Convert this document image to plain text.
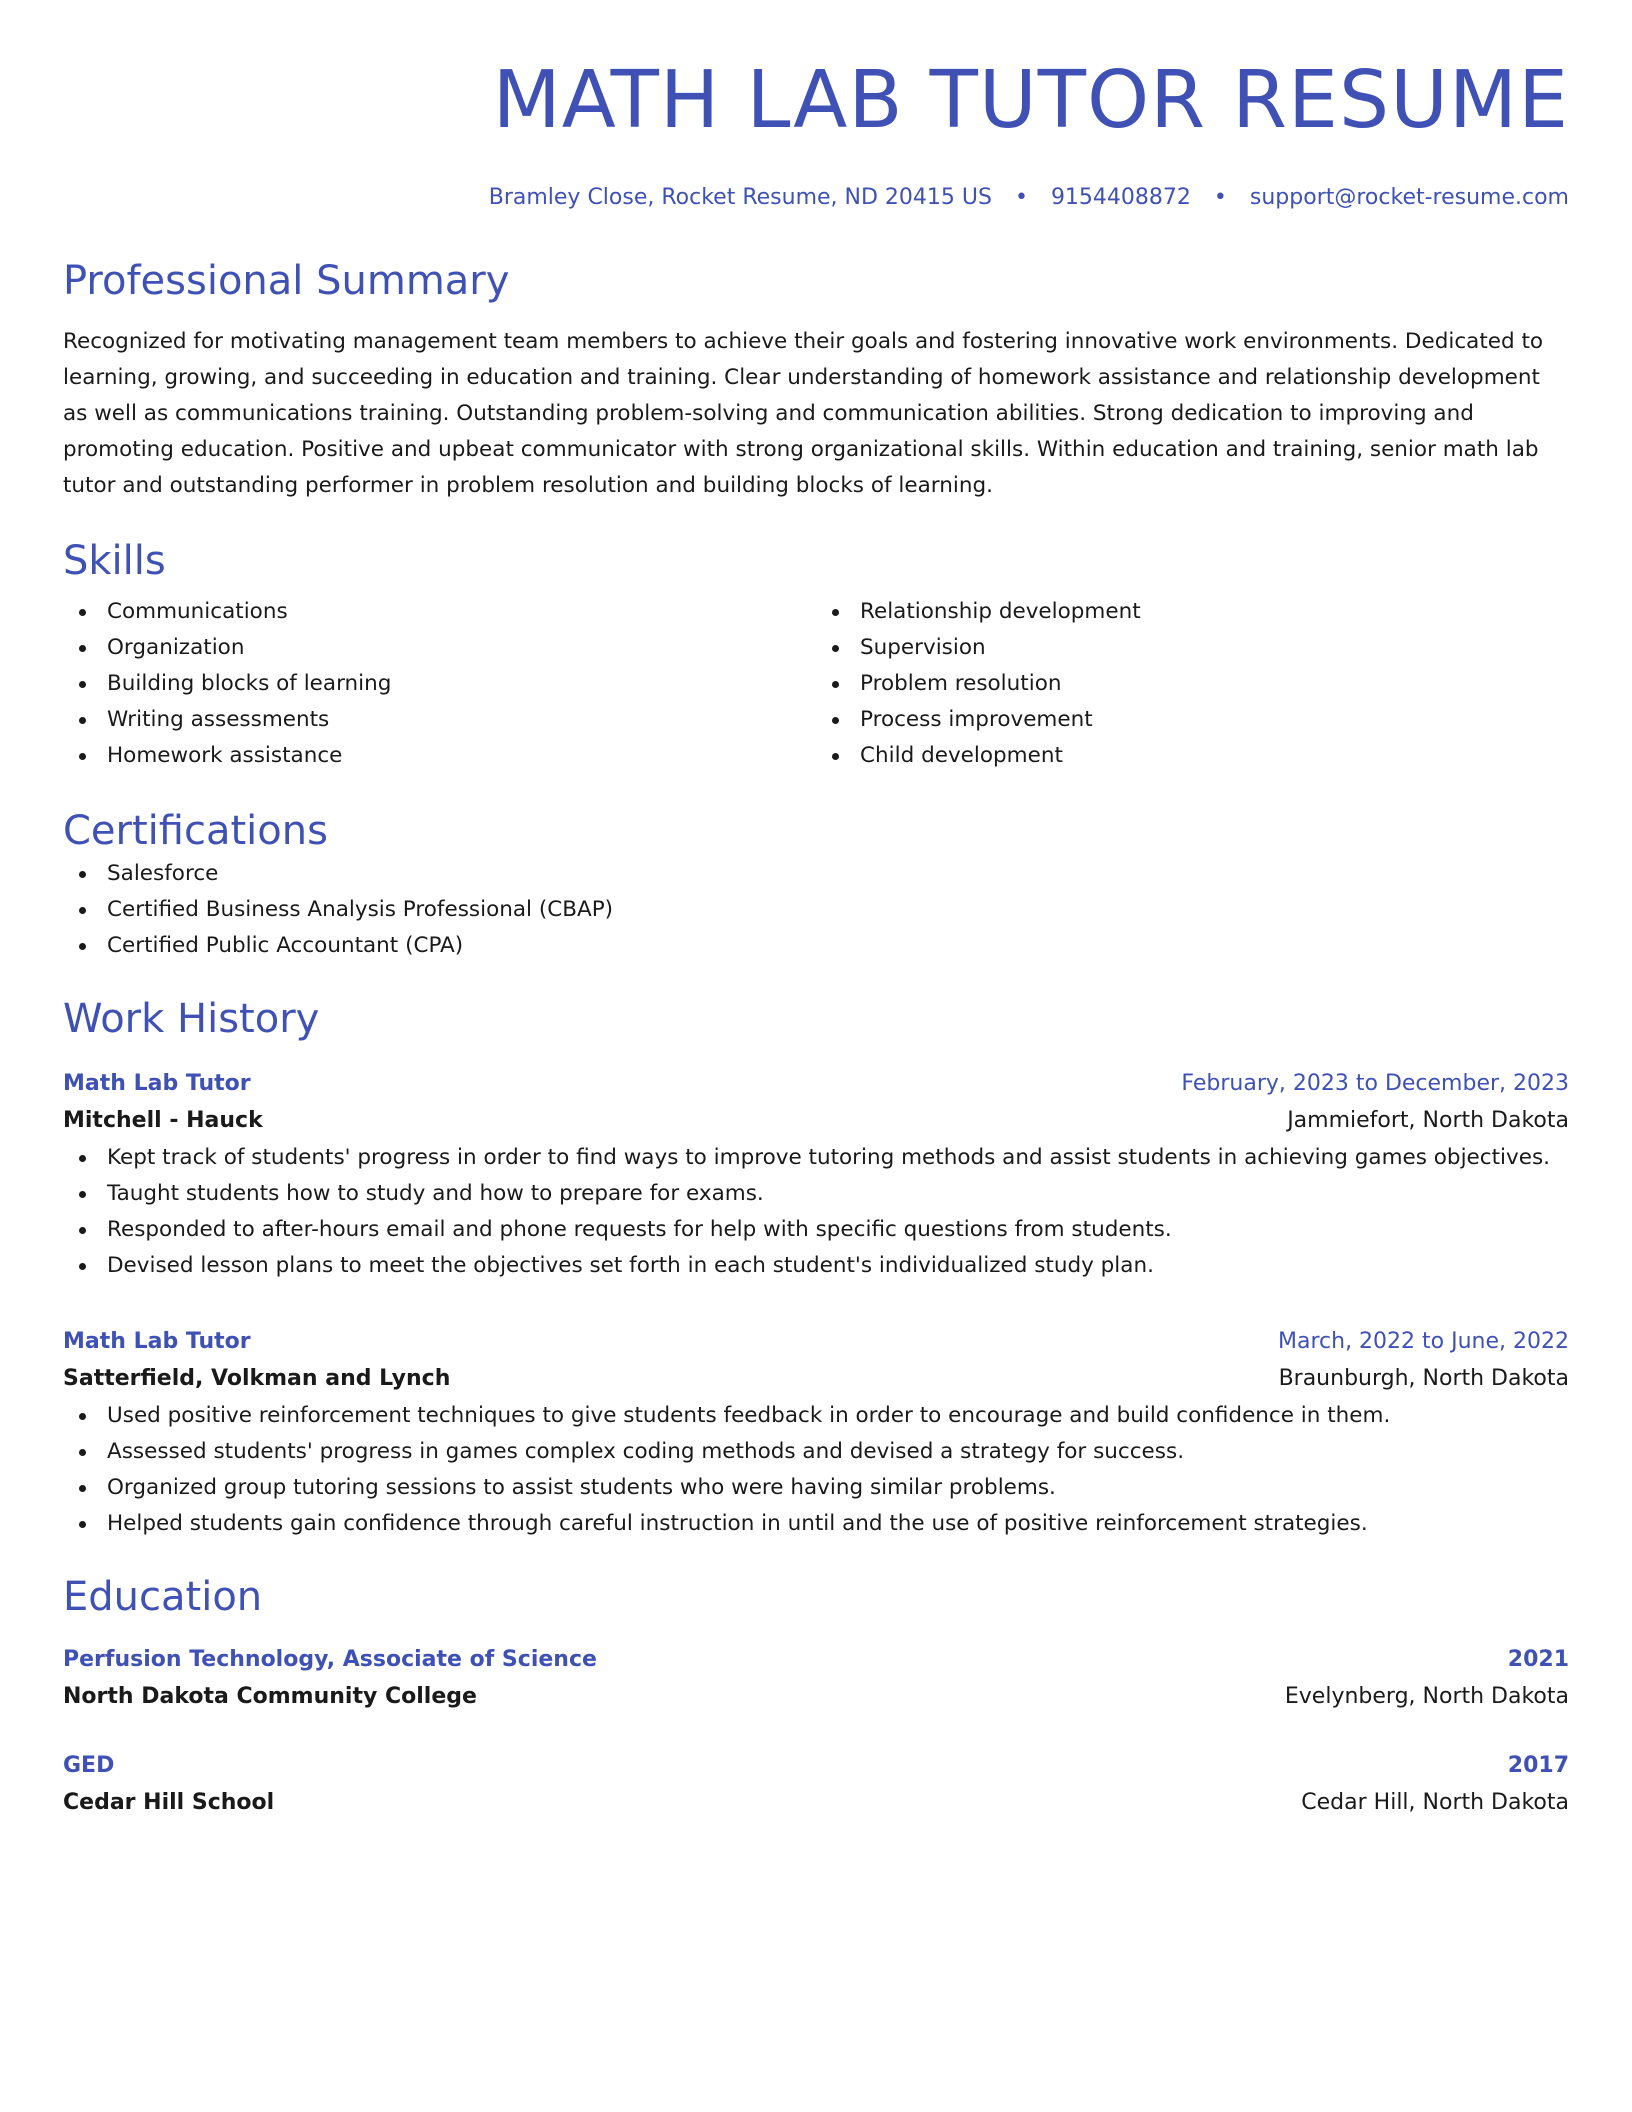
MATH LAB TUTOR RESUME
Bramley Close, Rocket Resume, ND 20415 US • 9154408872 • support@rocket-resume.com
Professional Summary
Recognized for motivating management team members to achieve their goals and fostering innovative work environments. Dedicated to learning, growing, and succeeding in education and training. Clear understanding of homework assistance and relationship development as well as communications training. Outstanding problem-solving and communication abilities. Strong dedication to improving and promoting education. Positive and upbeat communicator with strong organizational skills. Within education and training, senior math lab tutor and outstanding performer in problem resolution and building blocks of learning.
Skills
Communications
Organization
Building blocks of learning
Writing assessments
Homework assistance
Relationship development
Supervision
Problem resolution
Process improvement
Child development
Certifications
Salesforce
Certified Business Analysis Professional (CBAP)
Certified Public Accountant (CPA)
Work History
Math Lab Tutor	February, 2023 to December, 2023
Mitchell - Hauck	Jammiefort, North Dakota
Kept track of students' progress in order to find ways to improve tutoring methods and assist students in achieving games objectives.
Taught students how to study and how to prepare for exams.
Responded to after-hours email and phone requests for help with specific questions from students.
Devised lesson plans to meet the objectives set forth in each student's individualized study plan.
Math Lab Tutor	March, 2022 to June, 2022
Satterfield, Volkman and Lynch	Braunburgh, North Dakota
Used positive reinforcement techniques to give students feedback in order to encourage and build confidence in them.
Assessed students' progress in games complex coding methods and devised a strategy for success.
Organized group tutoring sessions to assist students who were having similar problems.
Helped students gain confidence through careful instruction in until and the use of positive reinforcement strategies.
Education
Perfusion Technology, Associate of Science	2021
North Dakota Community College	Evelynberg, North Dakota
GED	2017
Cedar Hill School	Cedar Hill, North Dakota
